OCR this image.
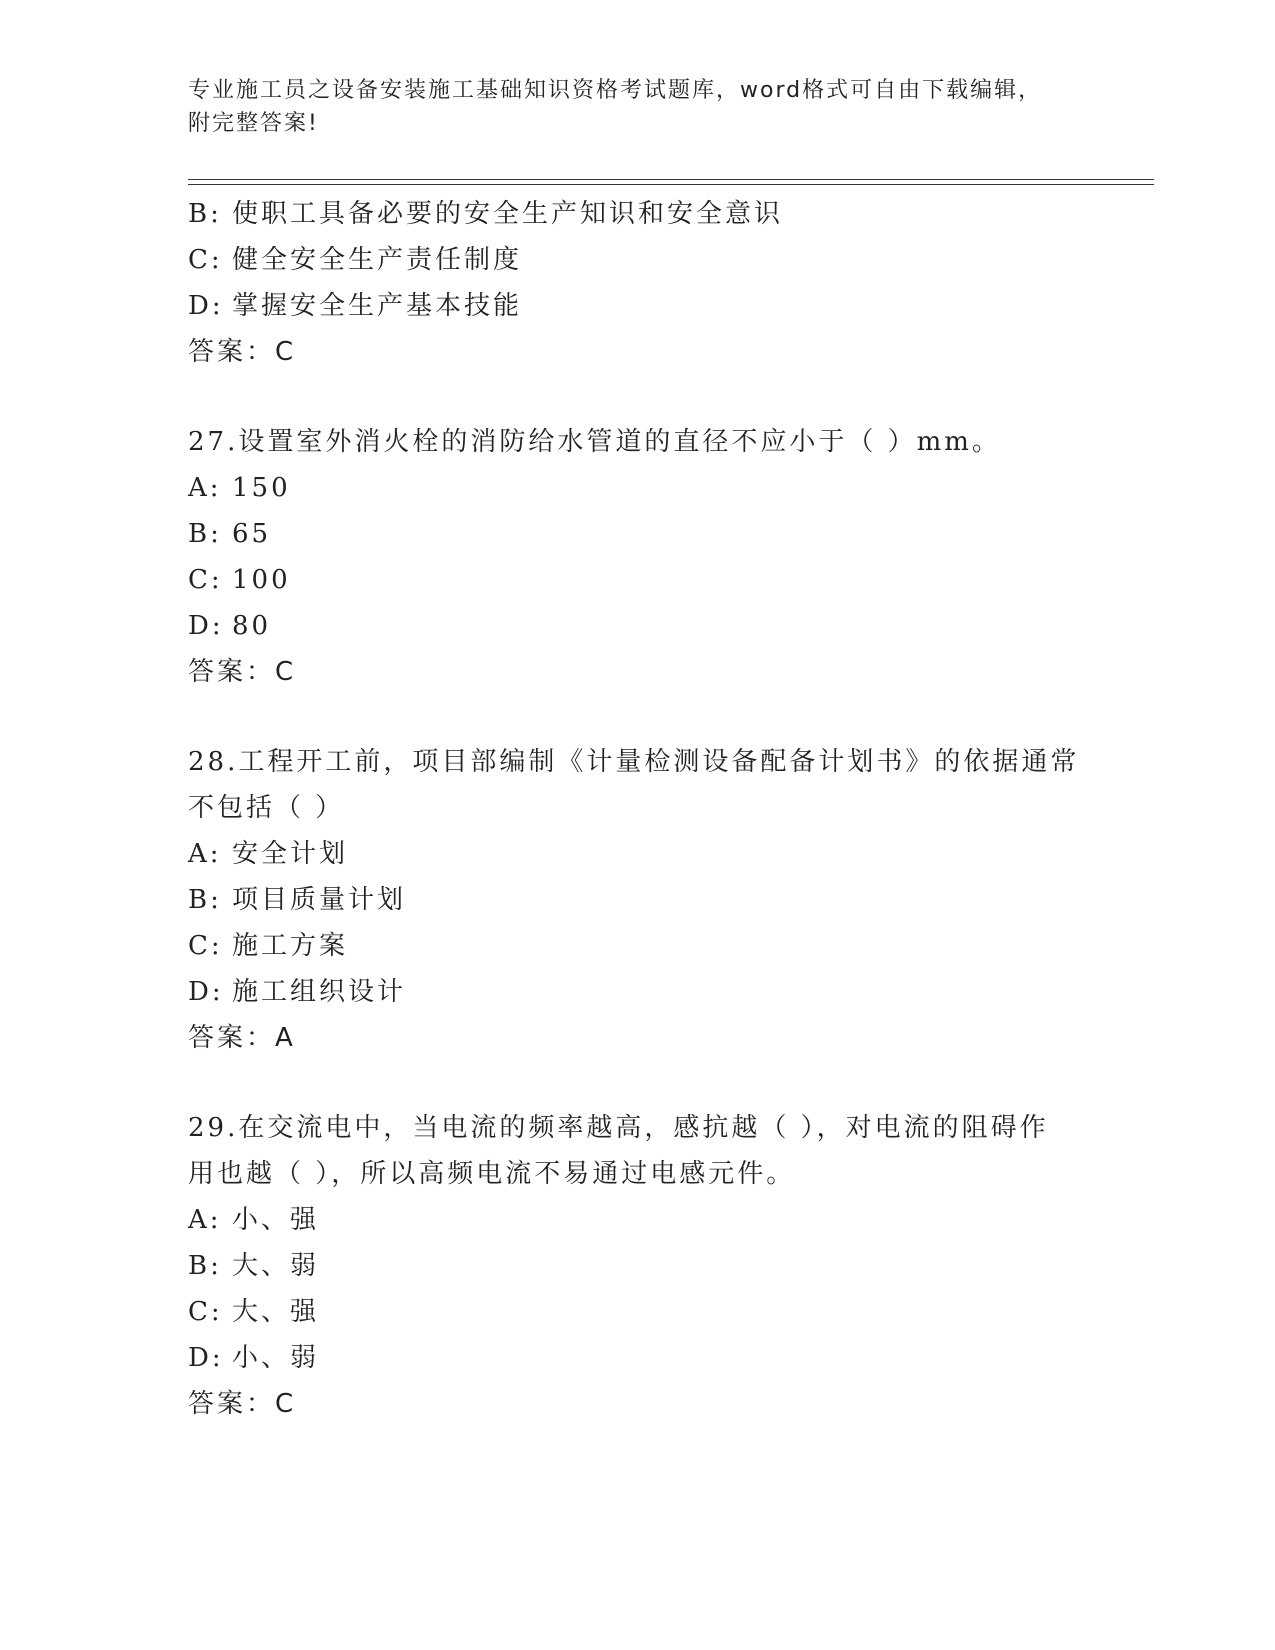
专业施工员之设备安装施工基础知识资格考试题库，word格式可自由下载编辑，
附完整答案!
B: 使职工具备必要的安全生产知识和安全意识
C: 健全安全生产责任制度
D: 掌握安全生产基本技能
答案：C
27.设置室外消火栓的消防给水管道的直径不应小于（ ）mm。
A: 150
B: 65
C: 100
D: 80
答案：C
28.工程开工前，项目部编制《计量检测设备配备计划书》的依据通常
不包括（ ）
A: 安全计划
B: 项目质量计划
C: 施工方案
D: 施工组织设计
答案：A
29.在交流电中，当电流的频率越高，感抗越（ ），对电流的阻碍作
用也越（ ），所以高频电流不易通过电感元件。
A: 小、强
B: 大、弱
C: 大、强
D: 小、弱
答案：C
